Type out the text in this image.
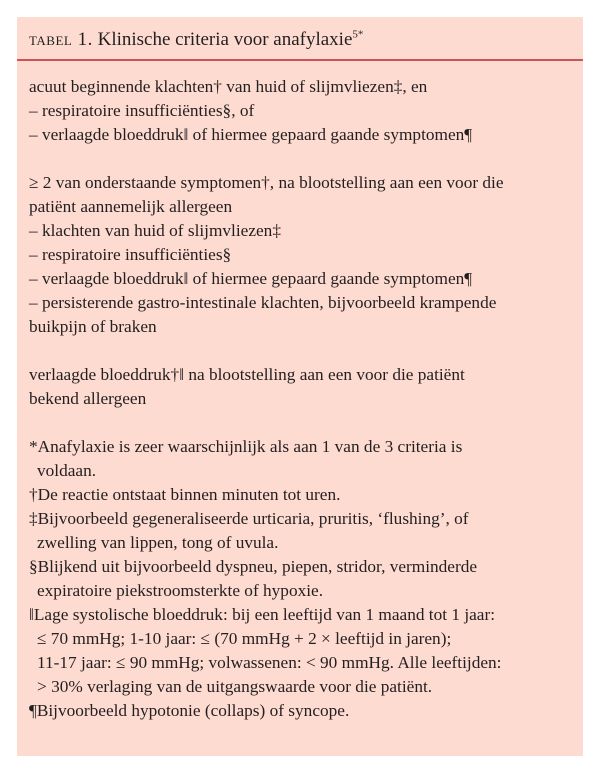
tabel 1. Klinische criteria voor anafylaxie$^{5*}$
acuut beginnende klachten† van huid of slijmvliezen‡, en
– respiratoire insufficiënties§, of
– verlaagde bloeddruk‖ of hiermee gepaard gaande symptomen¶
≥ 2 van onderstaande symptomen†, na blootstelling aan een voor die
patiënt aannemelijk allergeen
– klachten van huid of slijmvliezen‡
– respiratoire insufficiënties§
– verlaagde bloeddruk‖ of hiermee gepaard gaande symptomen¶
– persisterende gastro-intestinale klachten, bijvoorbeeld krampende
buikpijn of braken
verlaagde bloeddruk†‖ na blootstelling aan een voor die patiënt
bekend allergeen
*Anafylaxie is zeer waarschijnlijk als aan 1 van de 3 criteria is
voldaan.
†De reactie ontstaat binnen minuten tot uren.
‡Bijvoorbeeld gegeneraliseerde urticaria, pruritis, ‘flushing’, of
zwelling van lippen, tong of uvula.
§Blijkend uit bijvoorbeeld dyspneu, piepen, stridor, verminderde
expiratoire piekstroomsterkte of hypoxie.
‖Lage systolische bloeddruk: bij een leeftijd van 1 maand tot 1 jaar:
≤ 70 mmHg; 1-10 jaar: ≤ (70 mmHg + 2 × leeftijd in jaren);
11-17 jaar: ≤ 90 mmHg; volwassenen: < 90 mmHg. Alle leeftijden:
> 30% verlaging van de uitgangswaarde voor die patiënt.
¶Bijvoorbeeld hypotonie (collaps) of syncope.
